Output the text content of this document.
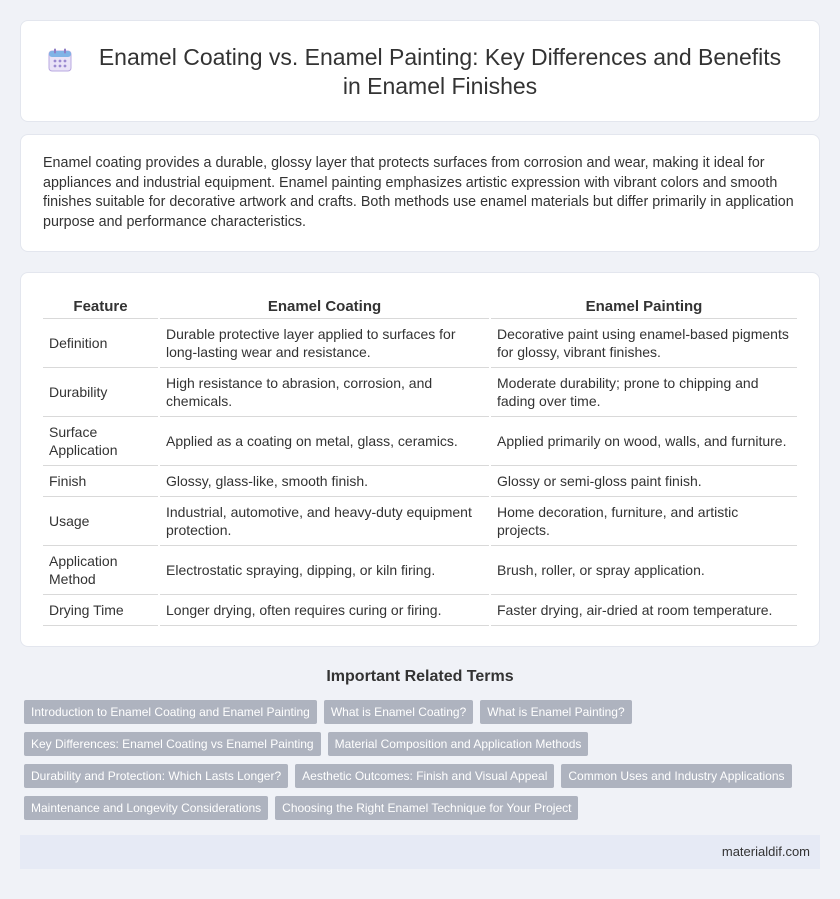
Enamel Coating vs. Enamel Painting: Key Differences and Benefits in Enamel Finishes

Enamel coating provides a durable, glossy layer that protects surfaces from corrosion and wear, making it ideal for appliances and industrial equipment. Enamel painting emphasizes artistic expression with vibrant colors and smooth finishes suitable for decorative artwork and crafts. Both methods use enamel materials but differ primarily in application purpose and performance characteristics.

Feature	Enamel Coating	Enamel Painting
Definition	Durable protective layer applied to surfaces for long-lasting wear and resistance.	Decorative paint using enamel-based pigments for glossy, vibrant finishes.
Durability	High resistance to abrasion, corrosion, and chemicals.	Moderate durability; prone to chipping and fading over time.
Surface Application	Applied as a coating on metal, glass, ceramics.	Applied primarily on wood, walls, and furniture.
Finish	Glossy, glass-like, smooth finish.	Glossy or semi-gloss paint finish.
Usage	Industrial, automotive, and heavy-duty equipment protection.	Home decoration, furniture, and artistic projects.
Application Method	Electrostatic spraying, dipping, or kiln firing.	Brush, roller, or spray application.
Drying Time	Longer drying, often requires curing or firing.	Faster drying, air-dried at room temperature.
Important Related Terms
Introduction to Enamel Coating and Enamel Painting	What is Enamel Coating?	What is Enamel Painting?
Key Differences: Enamel Coating vs Enamel Painting	Material Composition and Application Methods
Durability and Protection: Which Lasts Longer?	Aesthetic Outcomes: Finish and Visual Appeal	Common Uses and Industry Applications
Maintenance and Longevity Considerations	Choosing the Right Enamel Technique for Your Project
materialdif.com
